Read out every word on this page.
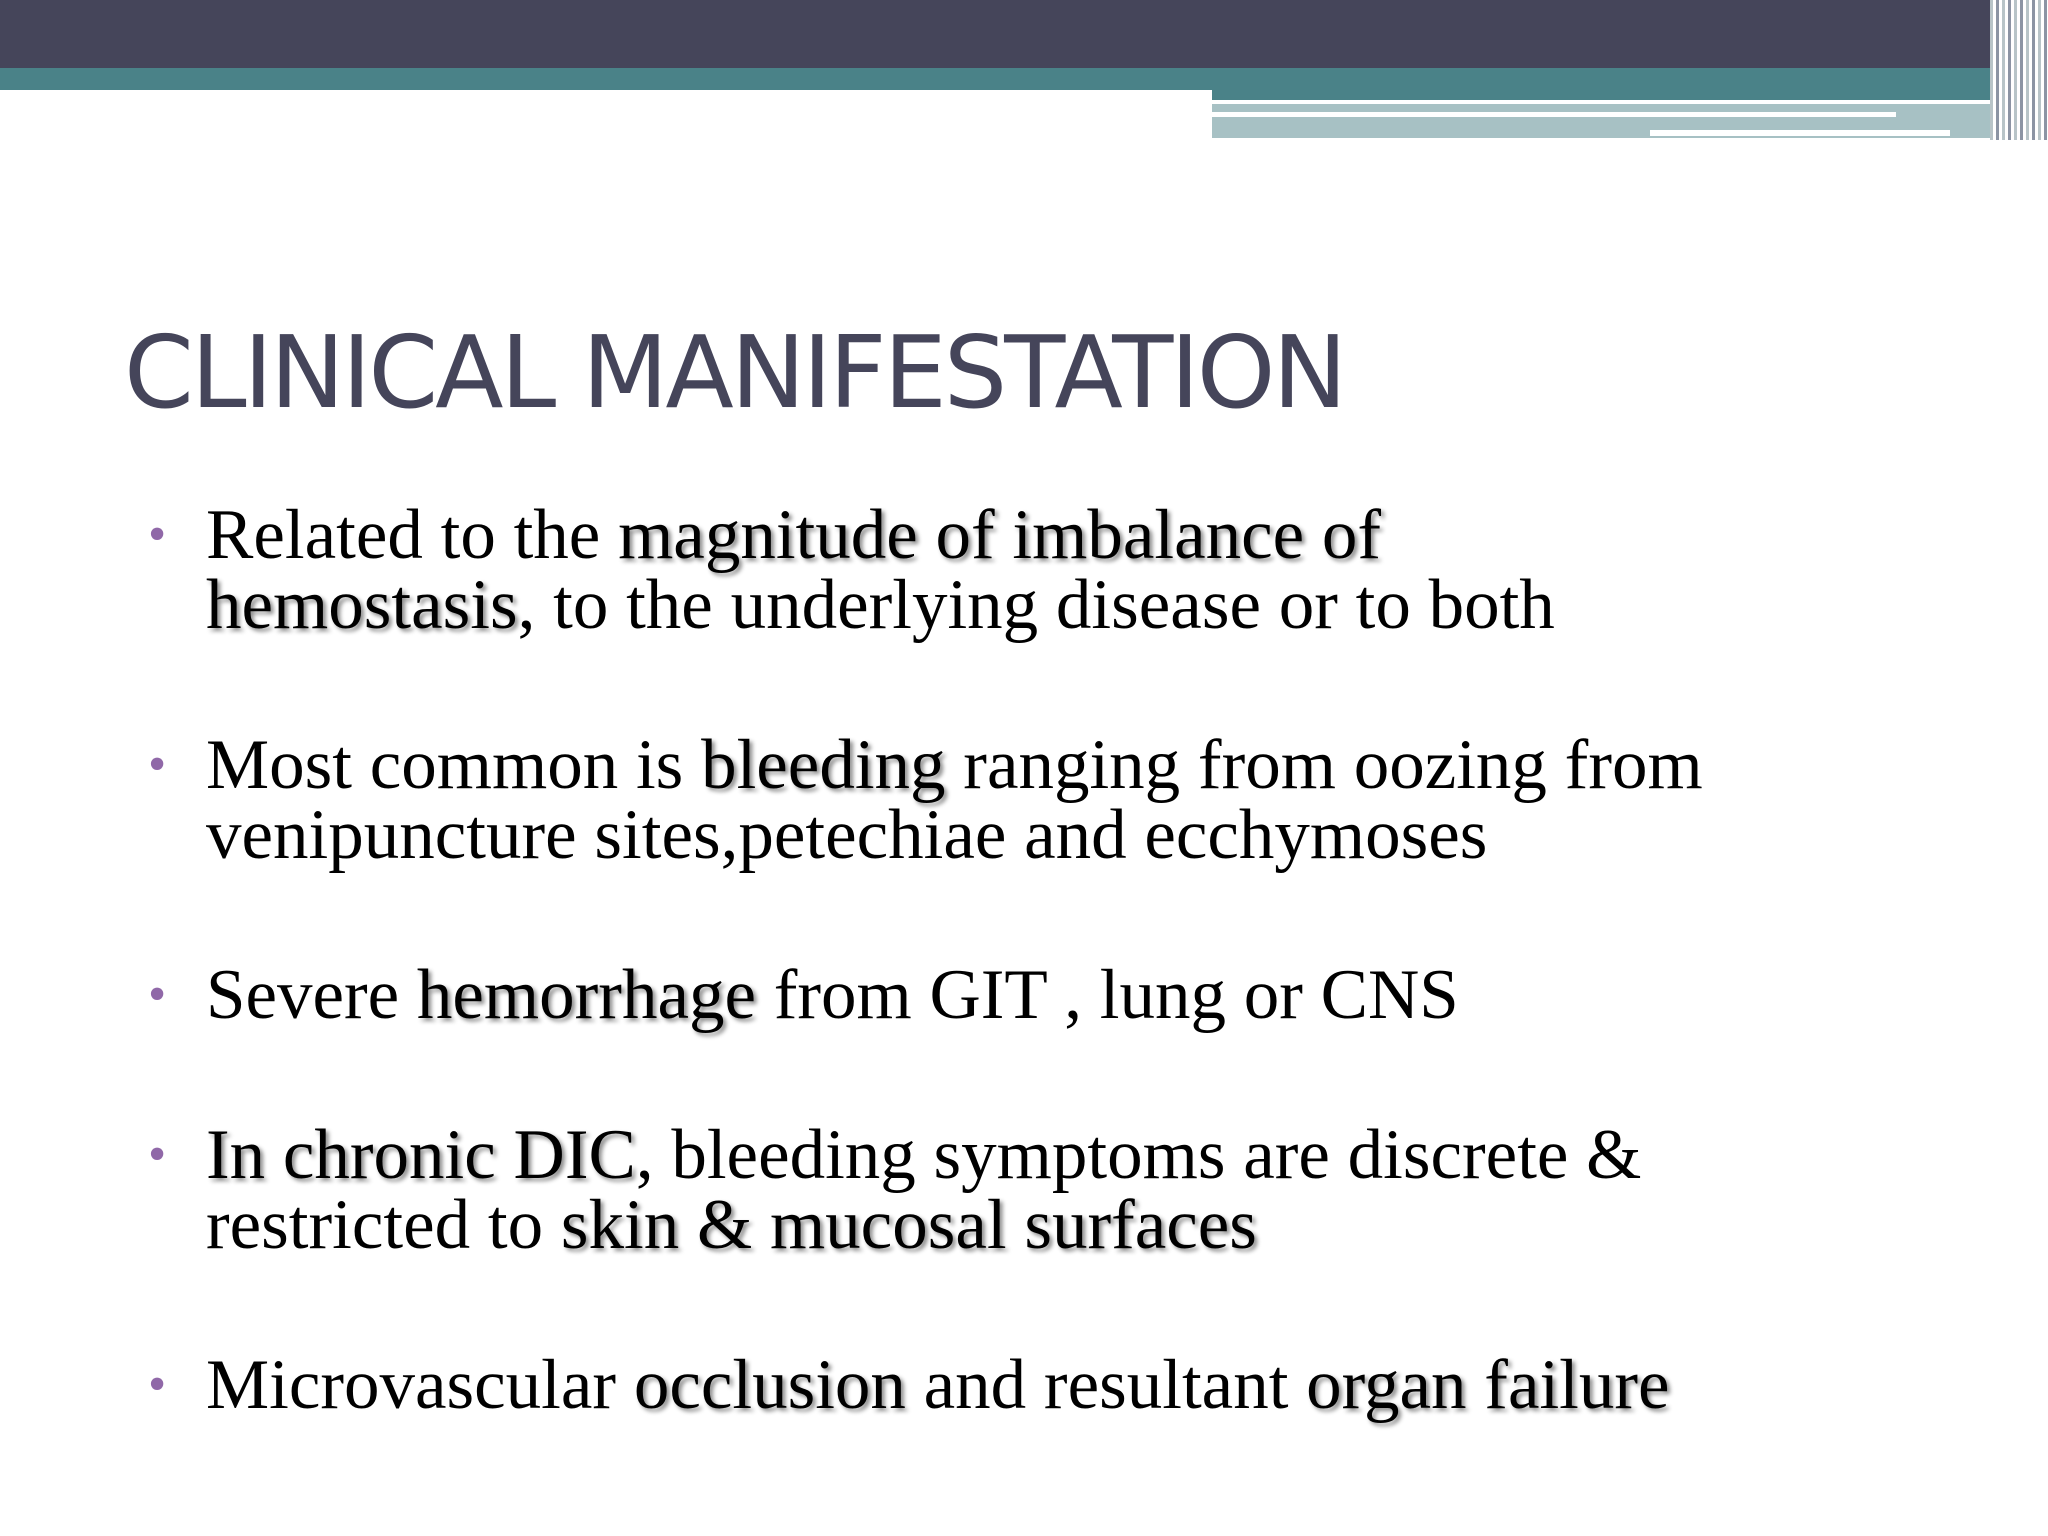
CLINICAL MANIFESTATION
• Related to the magnitude of imbalance of
hemostasis, to the underlying disease or to both
• Most common is bleeding ranging from oozing from
venipuncture sites,petechiae and ecchymoses
• Severe hemorrhage from GIT , lung or CNS
• In chronic DIC, bleeding symptoms are discrete &
restricted to skin & mucosal surfaces
• Microvascular occlusion and resultant organ failure
